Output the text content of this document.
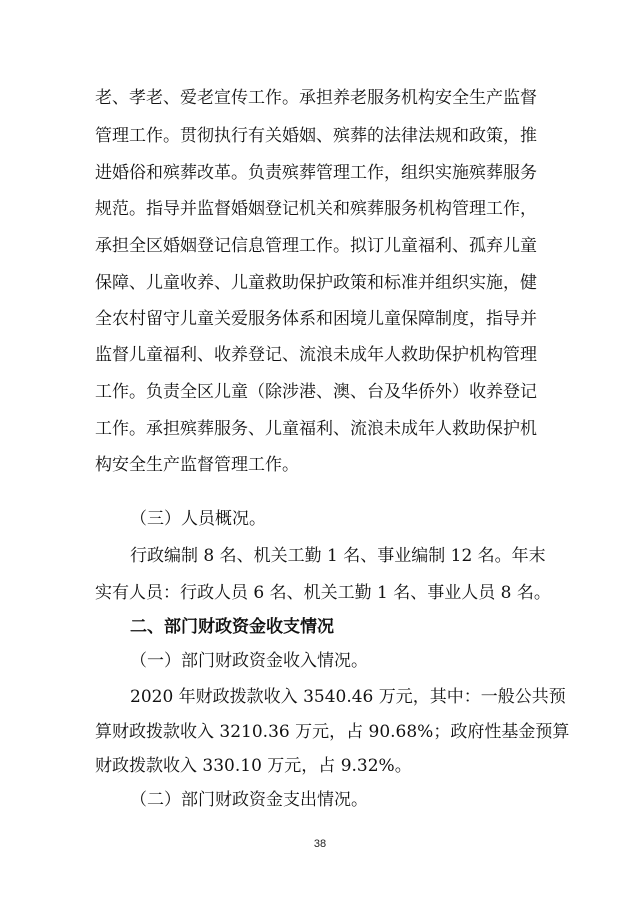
老、孝老、爱老宣传工作。承担养老服务机构安全生产监督
管理工作。贯彻执行有关婚姻、殡葬的法律法规和政策，推
进婚俗和殡葬改革。负责殡葬管理工作，组织实施殡葬服务
规范。指导并监督婚姻登记机关和殡葬服务机构管理工作，
承担全区婚姻登记信息管理工作。拟订儿童福利、孤弃儿童
保障、儿童收养、儿童救助保护政策和标准并组织实施，健
全农村留守儿童关爱服务体系和困境儿童保障制度，指导并
监督儿童福利、收养登记、流浪未成年人救助保护机构管理
工作。负责全区儿童（除涉港、澳、台及华侨外）收养登记
工作。承担殡葬服务、儿童福利、流浪未成年人救助保护机
构安全生产监督管理工作。
（三）人员概况。
行政编制 8 名、机关工勤 1 名、事业编制 12 名。年末
实有人员：行政人员 6 名、机关工勤 1 名、事业人员 8 名。
二、部门财政资金收支情况
（一）部门财政资金收入情况。
2020 年财政拨款收入 3540.46 万元，其中：一般公共预
算财政拨款收入 3210.36 万元，占 90.68%；政府性基金预算
财政拨款收入 330.10 万元，占 9.32%。
（二）部门财政资金支出情况。
38
